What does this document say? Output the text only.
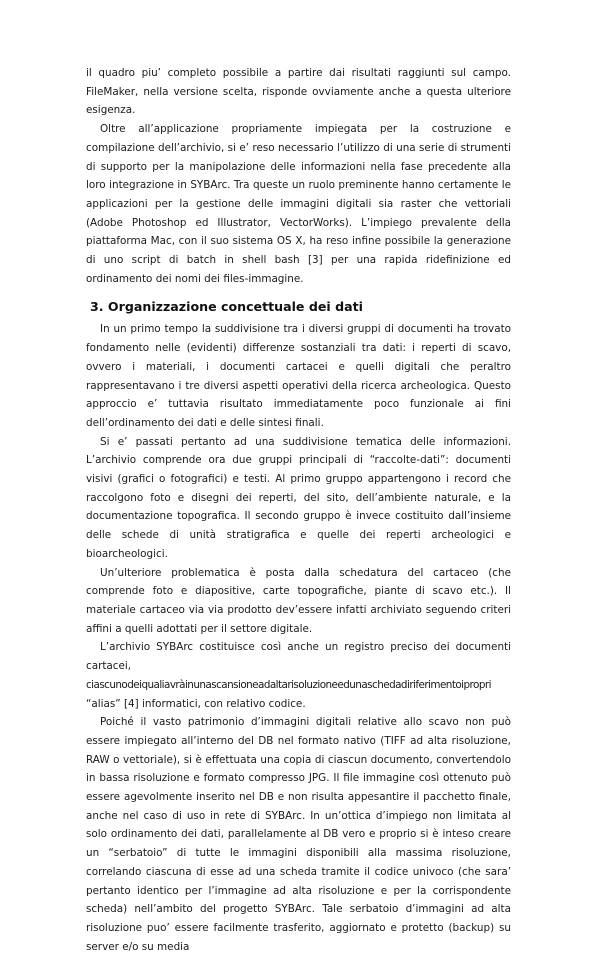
il quadro piu’ completo possibile a partire dai risultati raggiunti sul campo. FileMaker, nella versione scelta, risponde ovviamente anche a questa ulteriore esigenza.

Oltre all’applicazione propriamente impiegata per la costruzione e compilazione dell’archivio, si e’ reso necessario l’utilizzo di una serie di strumenti di supporto per la manipolazione delle informazioni nella fase precedente alla loro integrazione in SYBArc. Tra queste un ruolo preminente hanno certamente le applicazioni per la gestione delle immagini digitali sia raster che vettoriali (Adobe Photoshop ed Illustrator, VectorWorks). L’impiego prevalente della piattaforma Mac, con il suo sistema OS X, ha reso infine possibile la generazione di uno script di batch in shell bash [3] per una rapida ridefinizione ed ordinamento dei nomi dei files-immagine.

3. Organizzazione concettuale dei dati

In un primo tempo la suddivisione tra i diversi gruppi di documenti ha trovato fondamento nelle (evidenti) differenze sostanziali tra dati: i reperti di scavo, ovvero i materiali, i documenti cartacei e quelli digitali che peraltro rappresentavano i tre diversi aspetti operativi della ricerca archeologica. Questo approccio e’ tuttavia risultato immediatamente poco funzionale ai fini dell’ordinamento dei dati e delle sintesi finali.

Si e’ passati pertanto ad una suddivisione tematica delle informazioni. L’archivio comprende ora due gruppi principali di “raccolte-dati”: documenti visivi (grafici o fotografici) e testi. Al primo gruppo appartengono i record che raccolgono foto e disegni dei reperti, del sito, dell’ambiente naturale, e la documentazione topografica. Il secondo gruppo è invece costituito dall’insieme delle schede di unità stratigrafica e quelle dei reperti archeologici e bioarcheologici.

Un’ulteriore problematica è posta dalla schedatura del cartaceo (che comprende foto e diapositive, carte topografiche, piante di scavo etc.). Il materiale cartaceo via via prodotto dev’essere infatti archiviato seguendo criteri affini a quelli adottati per il settore digitale.

L’archivio SYBArc costituisce così anche un registro preciso dei documenti cartacei,

ciascunodeiqualiavràinunascansioneadaltarisoluzioneedunaschedadiriferimentoipropri

“alias” [4] informatici, con relativo codice.

Poiché il vasto patrimonio d’immagini digitali relative allo scavo non può essere impiegato all’interno del DB nel formato nativo (TIFF ad alta risoluzione, RAW o vettoriale), si è effettuata una copia di ciascun documento, convertendolo in bassa risoluzione e formato compresso JPG. Il file immagine così ottenuto può essere agevolmente inserito nel DB e non risulta appesantire il pacchetto finale, anche nel caso di uso in rete di SYBArc. In un’ottica d’impiego non limitata al solo ordinamento dei dati, parallelamente al DB vero e proprio si è inteso creare un “serbatoio” di tutte le immagini disponibili alla massima risoluzione, correlando ciascuna di esse ad una scheda tramite il codice univoco (che sara’ pertanto identico per l’immagine ad alta risoluzione e per la corrispondente scheda) nell’ambito del progetto SYBArc. Tale serbatoio d’immagini ad alta risoluzione puo’ essere facilmente trasferito, aggiornato e protetto (backup) su server e/o su media
